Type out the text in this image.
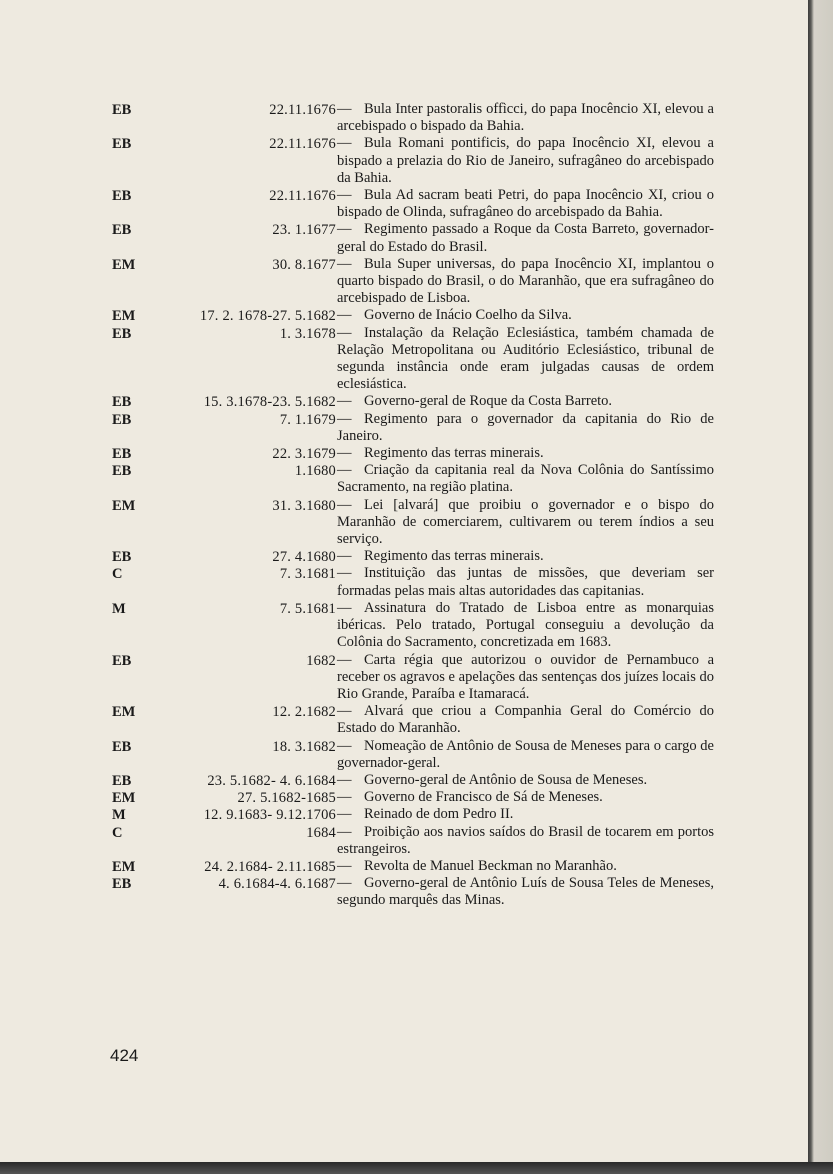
EB	22.11.1676 — Bula Inter pastoralis offìcci, do papa Inocêncio XI, elevou a arcebispado o bispado da Bahia.
EB	22.11.1676 — Bula Romani pontificis, do papa Inocêncio XI, elevou a bispado a prelazia do Rio de Janeiro, sufragâneo do arcebispado da Bahia.
EB	22.11.1676 — Bula Ad sacram beati Petri, do papa Inocêncio XI, criou o bispado de Olinda, sufragâneo do arcebispado da Bahia.
EB	23. 1.1677 — Regimento passado a Roque da Costa Barreto, governador-geral do Estado do Brasil.
EM	30. 8.1677 — Bula Super universas, do papa Inocêncio XI, implantou o quarto bispado do Brasil, o do Maranhão, que era sufragâneo do arcebispado de Lisboa.
EM	17. 2. 1678-27. 5.1682 — Governo de Inácio Coelho da Silva.
EB	1. 3.1678 — Instalação da Relação Eclesiástica, também chamada de Relação Metropolitana ou Auditório Eclesiástico, tribunal de segunda instância onde eram julgadas causas de ordem eclesiástica.
EB	15. 3.1678-23. 5.1682 — Governo-geral de Roque da Costa Barreto.
EB	7. 1.1679 — Regimento para o governador da capitania do Rio de Janeiro.
EB	22. 3.1679 — Regimento das terras minerais.
EB	1.1680 — Criação da capitania real da Nova Colônia do Santíssimo Sacramento, na região platina.
EM	31. 3.1680 — Lei [alvará] que proibiu o governador e o bispo do Maranhão de comerciarem, cultivarem ou terem índios a seu serviço.
EB	27. 4.1680 — Regimento das terras minerais.
C	7. 3.1681 — Instituição das juntas de missões, que deveriam ser formadas pelas mais altas autoridades das capitanias.
M	7. 5.1681 — Assinatura do Tratado de Lisboa entre as monarquias ibéricas. Pelo tratado, Portugal conseguiu a devolução da Colônia do Sacramento, concretizada em 1683.
EB	1682 — Carta régia que autorizou o ouvidor de Pernambuco a receber os agravos e apelações das sentenças dos juízes locais do Rio Grande, Paraíba e Itamaracá.
EM	12. 2.1682 — Alvará que criou a Companhia Geral do Comércio do Estado do Maranhão.
EB	18. 3.1682 — Nomeação de Antônio de Sousa de Meneses para o cargo de governador-geral.
EB	23. 5.1682- 4. 6.1684 — Governo-geral de Antônio de Sousa de Meneses.
EM	27. 5.1682-1685 — Governo de Francisco de Sá de Meneses.
M	12. 9.1683- 9.12.1706 — Reinado de dom Pedro II.
C	1684 — Proibição aos navios saídos do Brasil de tocarem em portos estrangeiros.
EM	24. 2.1684- 2.11.1685 — Revolta de Manuel Beckman no Maranhão.
EB	4. 6.1684-4. 6.1687 — Governo-geral de Antônio Luís de Sousa Teles de Meneses, segundo marquês das Minas.
424
